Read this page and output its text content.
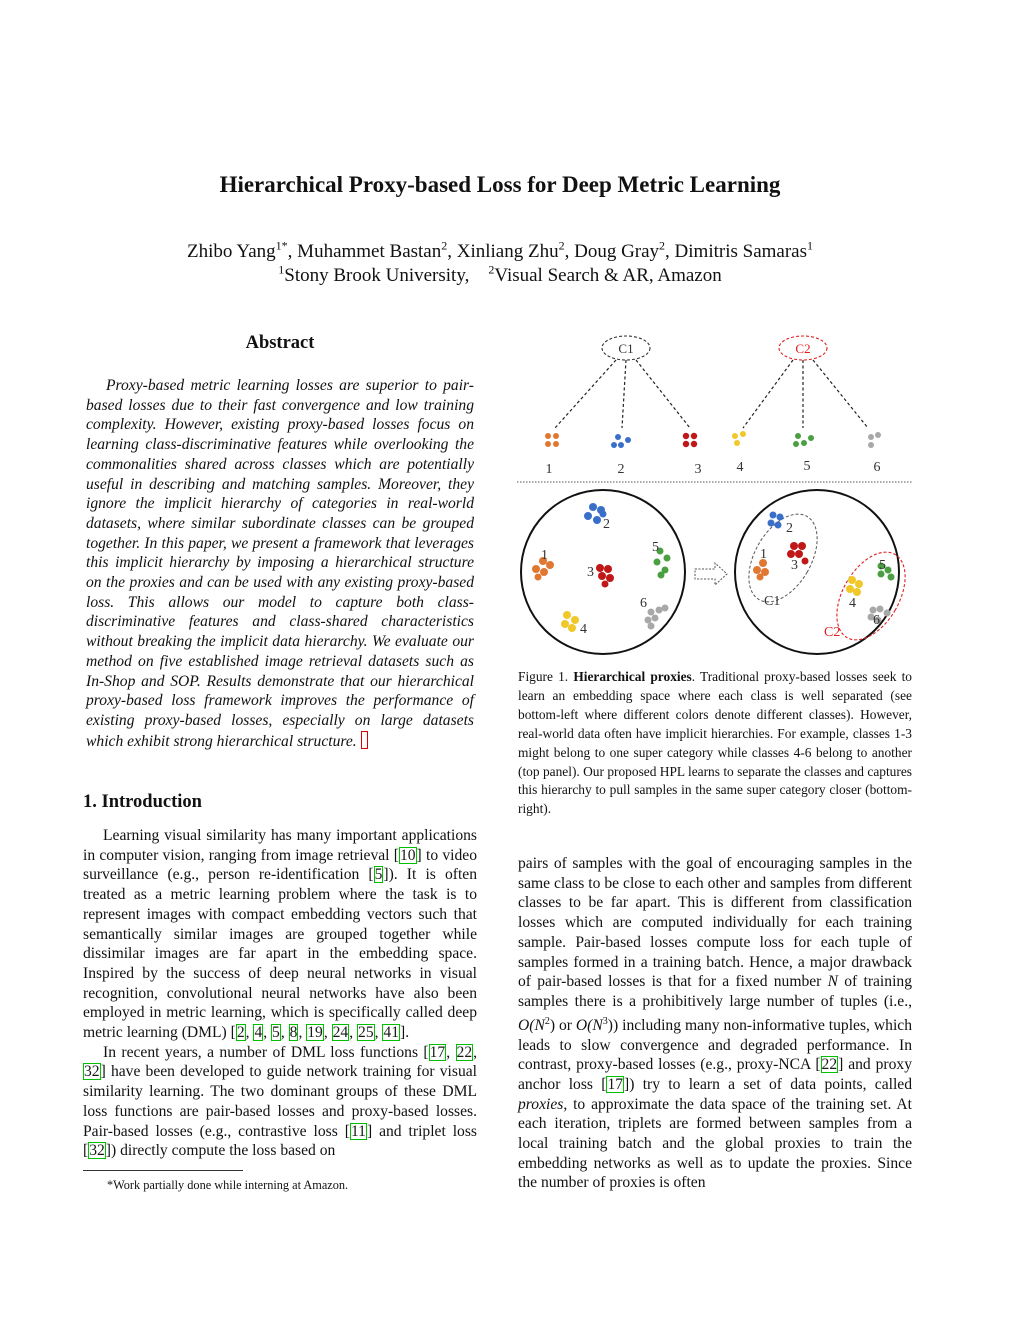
Hierarchical Proxy-based Loss for Deep Metric Learning
Zhibo Yang$^{1*}$, Muhammet Bastan$^2$, Xinliang Zhu$^2$, Doug Gray$^2$, Dimitris Samaras$^1$
$^1$Stony Brook University, $^2$Visual Search & AR, Amazon
Abstract

Proxy-based metric learning losses are superior to pair-based losses due to their fast convergence and low training complexity. However, existing proxy-based losses focus on learning class-discriminative features while overlooking the commonalities shared across classes which are potentially useful in describing and matching samples. Moreover, they ignore the implicit hierarchy of categories in real-world datasets, where similar subordinate classes can be grouped together. In this paper, we present a framework that leverages this implicit hierarchy by imposing a hierarchical structure on the proxies and can be used with any existing proxy-based loss. This allows our model to capture both class-discriminative features and class-shared characteristics without breaking the implicit data hierarchy. We evaluate our method on five established image retrieval datasets such as In-Shop and SOP. Results demonstrate that our hierarchical proxy-based loss framework improves the performance of existing proxy-based losses, especially on large datasets which exhibit strong hierarchical structure.

1. Introduction

Learning visual similarity has many important applications in computer vision, ranging from image retrieval [10] to video surveillance (e.g., person re-identification [5]). It is often treated as a metric learning problem where the task is to represent images with compact embedding vectors such that semantically similar images are grouped together while dissimilar images are far apart in the embedding space. Inspired by the success of deep neural networks in visual recognition, convolutional neural networks have also been employed in metric learning, which is specifically called deep metric learning (DML) [2, 4, 5, 8, 19, 24, 25, 41].

In recent years, a number of DML loss functions [17, 22, 32] have been developed to guide network training for visual similarity learning. The two dominant groups of these DML loss functions are pair-based losses and proxy-based losses. Pair-based losses (e.g., contrastive loss [11] and triplet loss [32]) directly compute the loss based on

*Work partially done while interning at Amazon.
C1	C2
1	2	3	4	5	6
1
2
3
4
5
6
1
2
3
4
5
6
C1
C2
Figure 1. Hierarchical proxies. Traditional proxy-based losses seek to learn an embedding space where each class is well separated (see bottom-left where different colors denote different classes). However, real-world data often have implicit hierarchies. For example, classes 1-3 might belong to one super category while classes 4-6 belong to another (top panel). Our proposed HPL learns to separate the classes and captures this hierarchy to pull samples in the same super category closer (bottom-right).

pairs of samples with the goal of encouraging samples in the same class to be close to each other and samples from different classes to be far apart. This is different from classification losses which are computed individually for each training sample. Pair-based losses compute loss for each tuple of samples formed in a training batch. Hence, a major drawback of pair-based losses is that for a fixed number N of training samples there is a prohibitively large number of tuples (i.e., $O(N^2)$ or $O(N^3)$) including many non-informative tuples, which leads to slow convergence and degraded performance. In contrast, proxy-based losses (e.g., proxy-NCA [22] and proxy anchor loss [17]) try to learn a set of data points, called proxies, to approximate the data space of the training set. At each iteration, triplets are formed between samples from a local training batch and the global proxies to train the embedding networks as well as to update the proxies. Since the number of proxies is often
